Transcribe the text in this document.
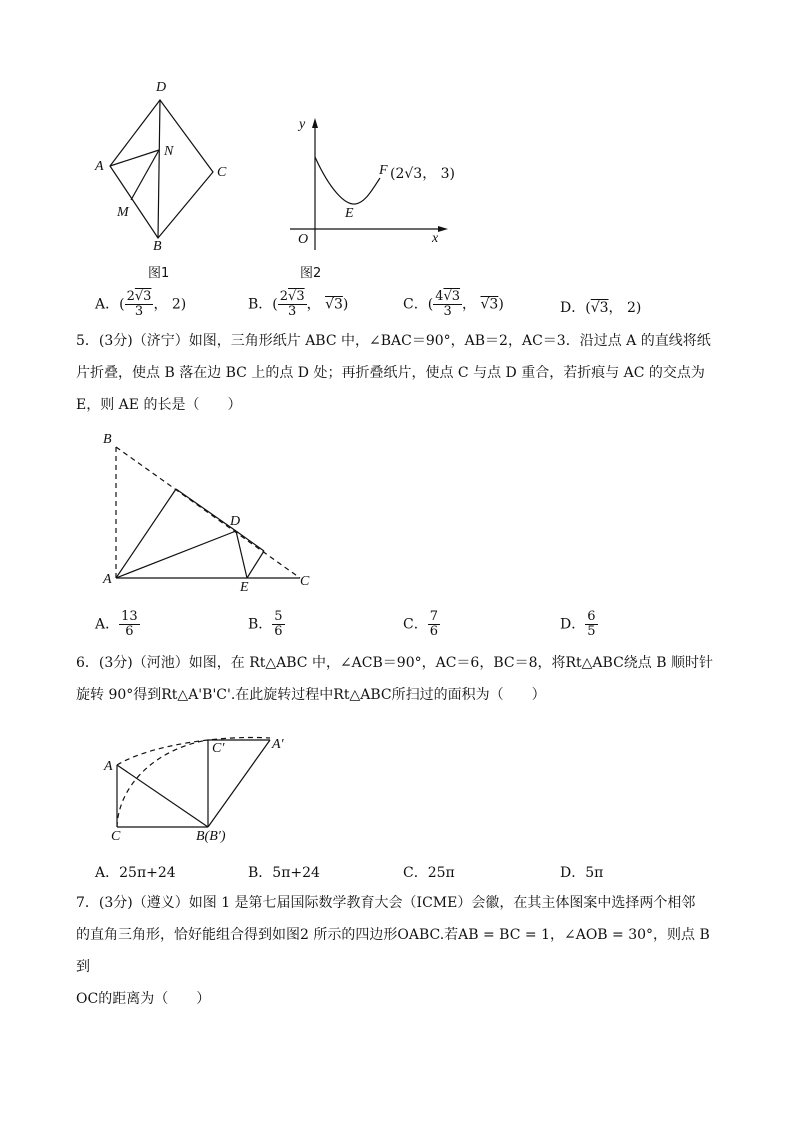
D
A
N
C
M
B
图1
y
F (2√3， 3)
E
O	x
图2
A．( $\frac{2√3}{3}$ ， 2)	B．( $\frac{2√3}{3}$ ， √3)	C．( $\frac{4√3}{3}$ ， √3)	D．(√3， 2)
5．(3分)（济宁）如图，三角形纸片 ABC 中，∠BAC＝90°，AB＝2，AC＝3．沿过点 A 的直线将纸
片折叠，使点 B 落在边 BC 上的点 D 处；再折叠纸片，使点 C 与点 D 重合，若折痕与 AC 的交点为
E，则 AE 的长是（　　）
B
D
A
E	C
A． $\frac{13}{6}$	B． $\frac{5}{6}$	C． $\frac{7}{6}$	D． $\frac{6}{5}$
6．(3分)（河池）如图，在 Rt△ABC 中，∠ACB＝90°，AC＝6，BC＝8，将Rt△ABC绕点 B 顺时针
旋转 90°得到Rt△A'B'C'.在此旋转过程中Rt△ABC所扫过的面积为（　　）
A
C	B(B′)
C′	A′
A．25π+24	B．5π+24	C．25π	D．5π
7．(3分)（遵义）如图 1 是第七届国际数学教育大会（ICME）会徽，在其主体图案中选择两个相邻
的直角三角形，恰好能组合得到如图2 所示的四边形OABC.若AB = BC = 1，∠AOB = 30°，则点 B 到
OC的距离为（　　）
